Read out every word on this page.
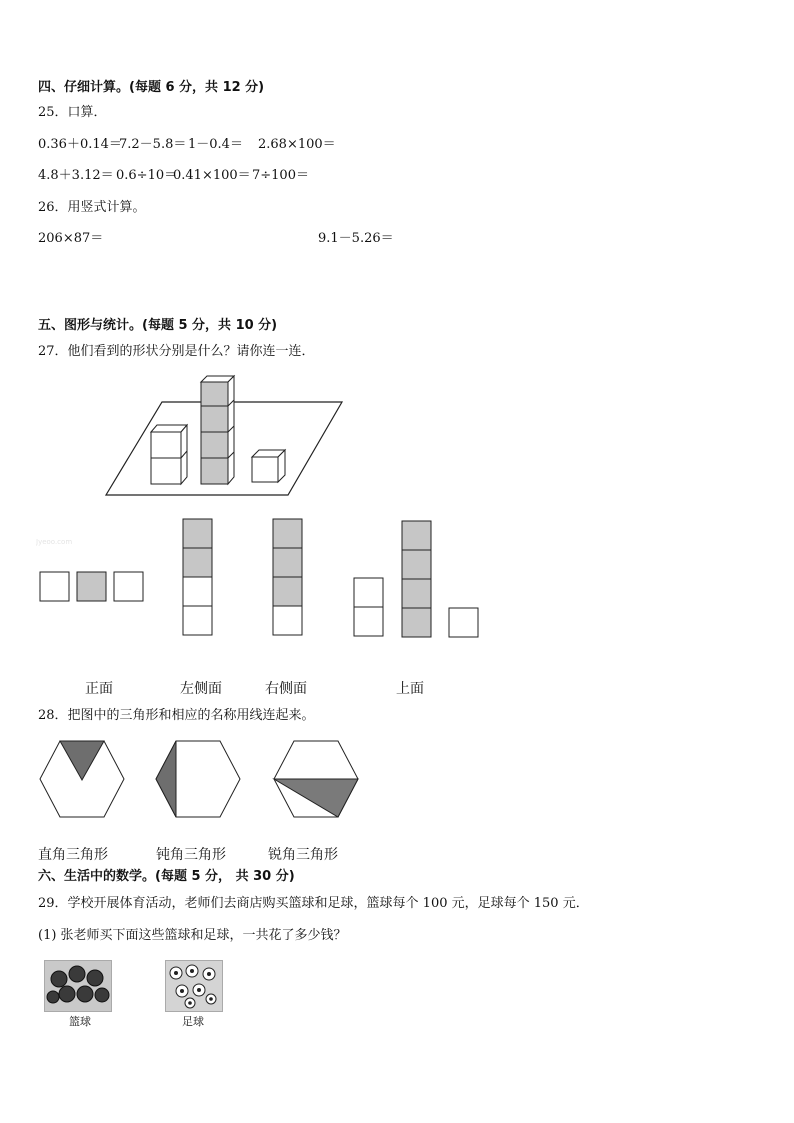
四、仔细计算。(每题 6 分，共 12 分)
25．口算．
0.36＋0.14＝
7.2－5.8＝ 1－0.4＝ 2.68×100＝
4.8＋3.12＝ 0.6÷10＝
0.41×100＝ 7÷100＝
26．用竖式计算。
206×87＝	9.1－5.26＝
五、图形与统计。(每题 5 分，共 10 分)
27．他们看到的形状分别是什么？请你连一连．
Jyeoo.com
正面	左侧面	右侧面	上面
28．把图中的三角形和相应的名称用线连起来。
直角三角形	钝角三角形	锐角三角形
六、生活中的数学。(每题 5 分， 共 30 分)
29．学校开展体育活动，老师们去商店购买篮球和足球，篮球每个 100 元，足球每个 150 元．
(1) 张老师买下面这些篮球和足球，一共花了多少钱？
篮球	足球
